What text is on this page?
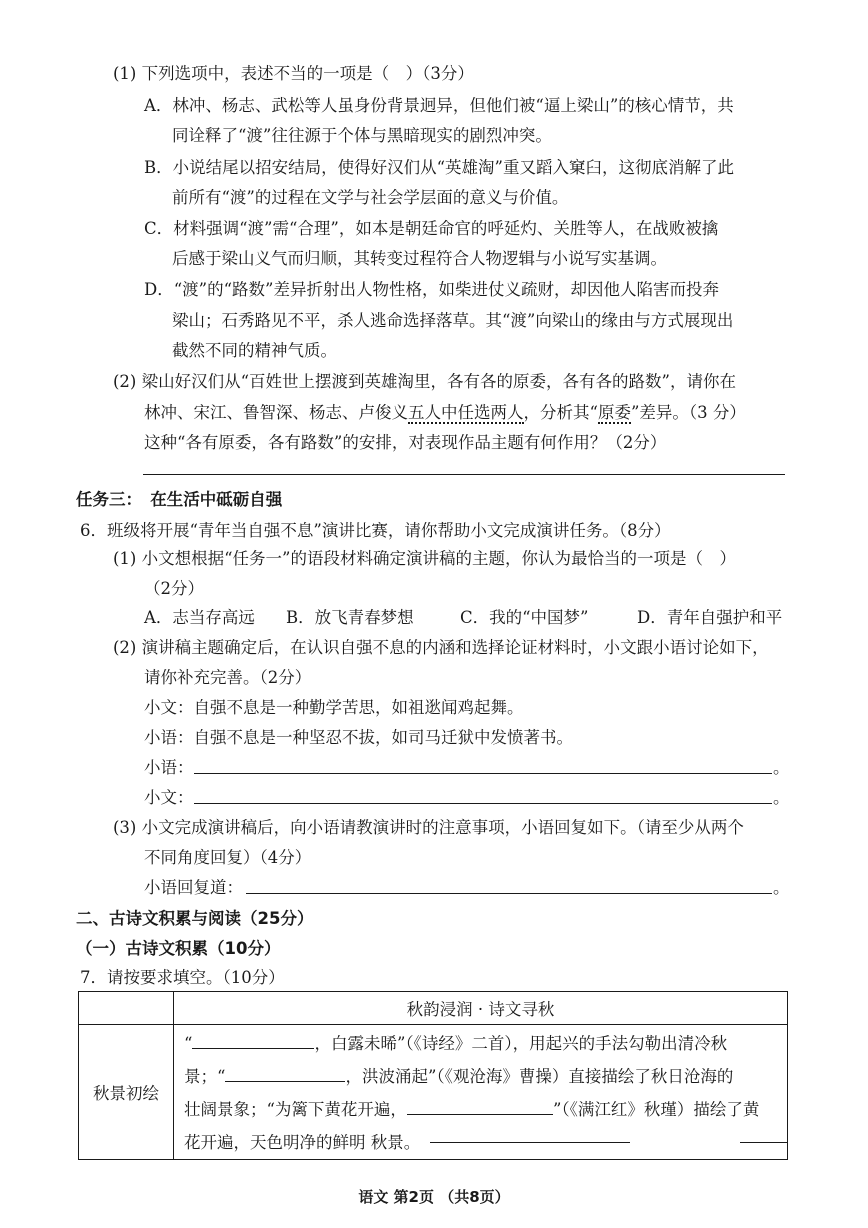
(1) 下列选项中，表述不当的一项是（　）（3分）
A．林冲、杨志、武松等人虽身份背景迥异，但他们被“逼上梁山”的核心情节，共
同诠释了“渡”往往源于个体与黑暗现实的剧烈冲突。
B．小说结尾以招安结局，使得好汉们从“英雄淘”重又蹈入窠臼，这彻底消解了此
前所有“渡”的过程在文学与社会学层面的意义与价值。
C．材料强调“渡”需“合理”，如本是朝廷命官的呼延灼、关胜等人，在战败被擒
后感于梁山义气而归顺，其转变过程符合人物逻辑与小说写实基调。
D．“渡”的“路数”差异折射出人物性格，如柴进仗义疏财，却因他人陷害而投奔
梁山；石秀路见不平，杀人逃命选择落草。其“渡”向梁山的缘由与方式展现出
截然不同的精神气质。
(2) 梁山好汉们从“百姓世上摆渡到英雄淘里，各有各的原委，各有各的路数”，请你在
林冲、宋江、鲁智深、杨志、卢俊义五人中任选两人，分析其“原委”差异。（3 分）
这种“各有原委，各有路数”的安排，对表现作品主题有何作用？（2分）
任务三：　在生活中砥砺自强
6．班级将开展“青年当自强不息”演讲比赛，请你帮助小文完成演讲任务。（8分）
(1) 小文想根据“任务一”的语段材料确定演讲稿的主题，你认为最恰当的一项是（　）
（2分）
A．志当存高远 B．放飞青春梦想	C．我的“中国梦”	D．青年自强护和平
(2) 演讲稿主题确定后，在认识自强不息的内涵和选择论证材料时，小文跟小语讨论如下，
请你补充完善。（2分）
小文：自强不息是一种勤学苦思，如祖逖闻鸡起舞。
小语：自强不息是一种坚忍不拔，如司马迁狱中发愤著书。
小语：	。
小文：	。
(3) 小文完成演讲稿后，向小语请教演讲时的注意事项，小语回复如下。（请至少从两个
不同角度回复）（4分）
小语回复道：	。
二、古诗文积累与阅读（25分）
（一）古诗文积累（10分）
7．请按要求填空。（10分）
	秋韵浸润 · 诗文寻秋
秋景初绘	“ ，白露未晞”（《诗经》二首），用起兴的手法勾勒出清冷秋
景；“ ，洪波涌起”（《观沧海》曹操）直接描绘了秋日沧海的
壮阔景象；“为篱下黄花开遍， ”（《满江红》秋瑾）描绘了黄
花开遍，天色明净的鲜明 秋景。
语文 第2页 （共8页）
